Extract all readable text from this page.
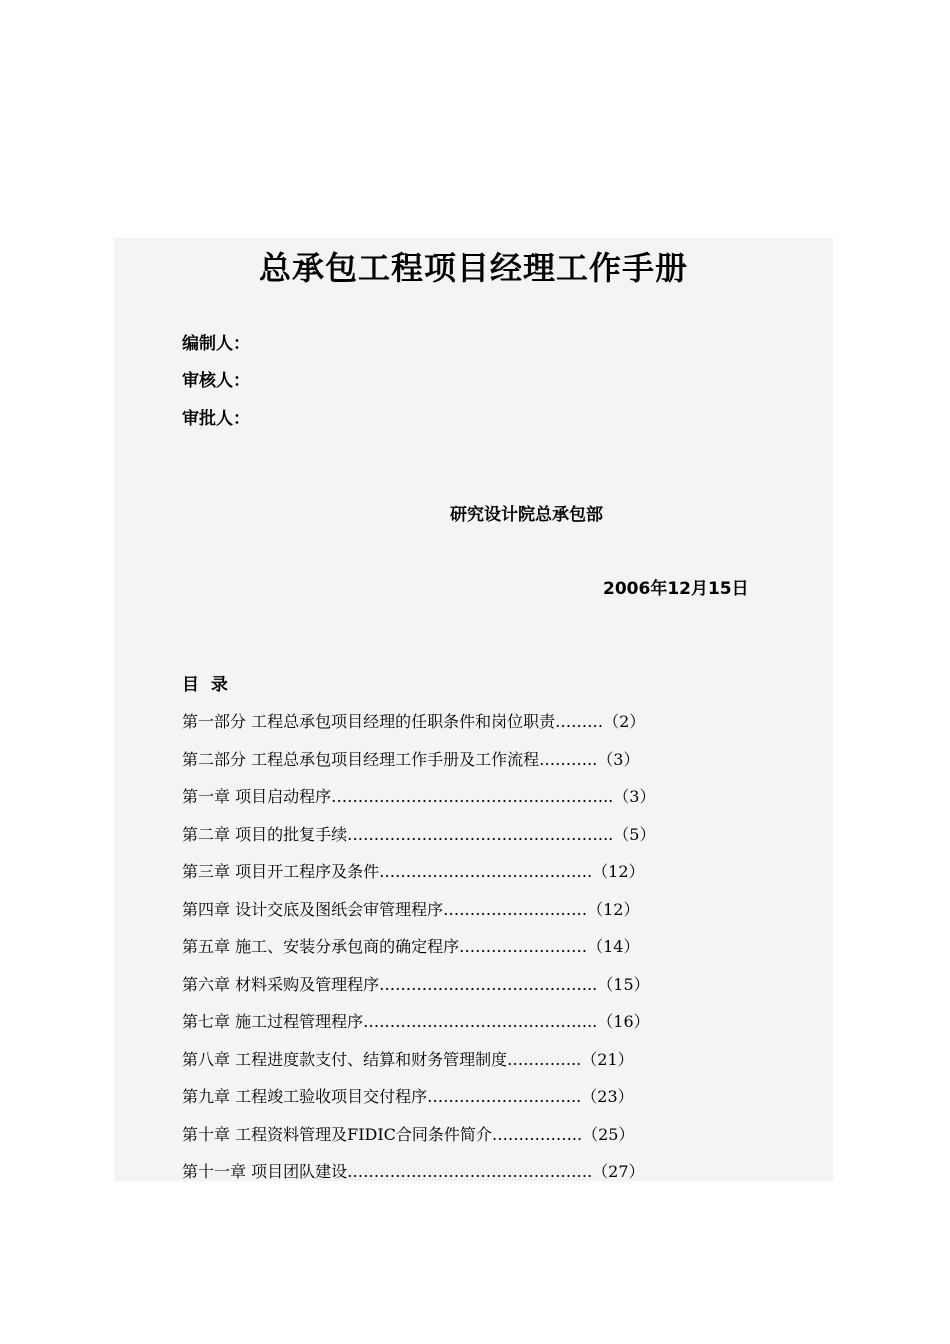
总承包工程项目经理工作手册
编制人：
审核人：
审批人：
研究设计院总承包部
2006年12月15日
目 录
第一部分 工程总承包项目经理的任职条件和岗位职责………（2）
第二部分 工程总承包项目经理工作手册及工作流程………..（3）
第一章 项目启动程序……………………………………………..（3）
第二章 项目的批复手续…………………………………………..（5）
第三章 项目开工程序及条件………………………………….（12）
第四章 设计交底及图纸会审管理程序………………………（12）
第五章 施工、安装分承包商的确定程序……………………（14）
第六章 材料采购及管理程序…………………………………..（15）
第七章 施工过程管理程序……………………………………..（16）
第八章 工程进度款支付、结算和财务管理制度…………..（21）
第九章 工程竣工验收项目交付程序………………………..（23）
第十章 工程资料管理及FIDIC合同条件简介……………..（25）
第十一章 项目团队建设……………………………………….（27）
